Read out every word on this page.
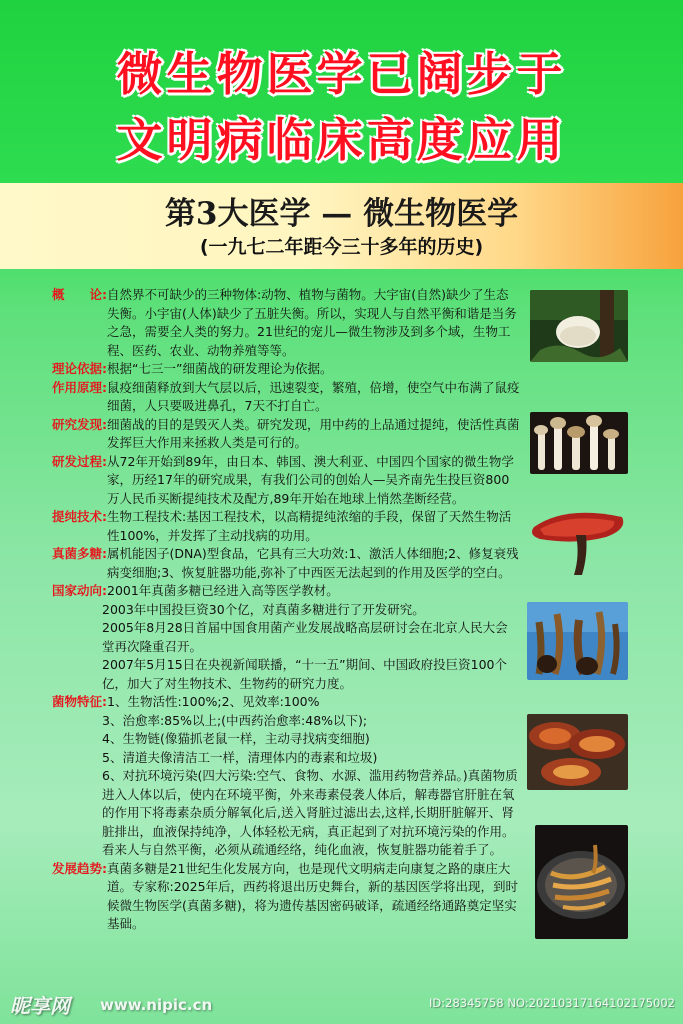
微生物医学已阔步于
文明病临床高度应用
第3大医学 — 微生物医学
(一九七二年距今三十多年的历史)
概　　论: 自然界不可缺少的三种物体:动物、植物与菌物。大宇宙(自然)缺少了生态失衡。小宇宙(人体)缺少了五脏失衡。所以，实现人与自然平衡和谐是当务之急，需要全人类的努力。21世纪的宠儿—微生物涉及到多个域，生物工程、医药、农业、动物养殖等等。
理论依据: 根据“七三一”细菌战的研发理论为依据。
作用原理: 鼠疫细菌释放到大气层以后，迅速裂变，繁殖，倍增，使空气中布满了鼠疫细菌，人只要吸进鼻孔，7天不打自亡。
研究发现: 细菌战的目的是毁灭人类。研究发现，用中药的上品通过提纯，使活性真菌发挥巨大作用来拯救人类是可行的。
研发过程: 从72年开始到89年，由日本、韩国、澳大利亚、中国四个国家的微生物学家，历经17年的研究成果，有我们公司的创始人—吴齐南先生投巨资800万人民币买断提纯技术及配方,89年开始在地球上悄然垄断经营。
提纯技术: 生物工程技术:基因工程技术，以高精提纯浓缩的手段，保留了天然生物活性100%，并发挥了主动找病的功用。
真菌多糖: 属机能因子(DNA)型食品，它具有三大功效:1、激活人体细胞;2、修复衰残病变细胞;3、恢复脏器功能,弥补了中西医无法起到的作用及医学的空白。
国家动向: 2001年真菌多糖已经进入高等医学教材。
2003年中国投巨资30个亿，对真菌多糖进行了开发研究。
2005年8月28日首届中国食用菌产业发展战略高层研讨会在北京人民大会堂再次隆重召开。
2007年5月15日在央视新闻联播，“十一五”期间、中国政府投巨资100个亿，加大了对生物技术、生物药的研究力度。
菌物特征: 1、生物活性:100%;2、见效率:100%
3、治愈率:85%以上;(中西药治愈率:48%以下);
4、生物链(像猫抓老鼠一样，主动寻找病变细胞)
5、清道夫像清洁工一样，清理体内的毒素和垃圾)
6、对抗环境污染(四大污染:空气、食物、水源、滥用药物营养品。)真菌物质进入人体以后，使内在环境平衡，外来毒素侵袭人体后，解毒器官肝脏在氧的作用下将毒素杂质分解氧化后,送入肾脏过滤出去,这样,长期肝脏解开、肾脏排出，血液保持纯净，人体轻松无病，真正起到了对抗环境污染的作用。看来人与自然平衡，必须从疏通经络，纯化血液，恢复脏器功能着手了。
发展趋势: 真菌多糖是21世纪生化发展方向，也是现代文明病走向康复之路的康庄大道。专家称:2025年后，西药将退出历史舞台，新的基因医学将出现，到时候微生物医学(真菌多糖)，将为遗传基因密码破译，疏通经络通路奠定坚实基础。
昵享网 www.nipic.cn	ID:28345758 NO:20210317164102175002
